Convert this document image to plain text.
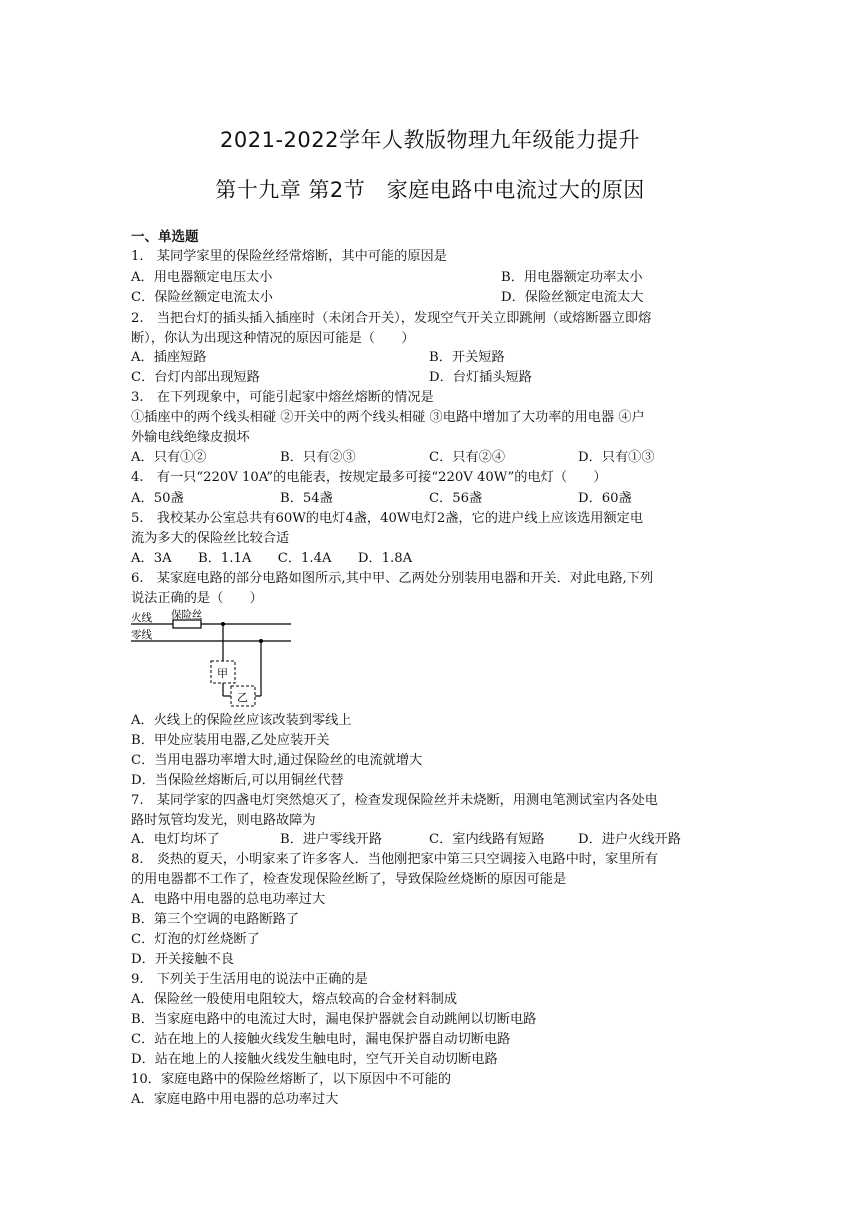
2021-2022学年人教版物理九年级能力提升
第十九章 第2节　家庭电路中电流过大的原因
一、单选题
1.　某同学家里的保险丝经常熔断，其中可能的原因是
A．用电器额定电压太小	B．用电器额定功率太小
C．保险丝额定电流太小	D．保险丝额定电流太大
2.　当把台灯的插头插入插座时（未闭合开关），发现空气开关立即跳闸（或熔断器立即熔
断），你认为出现这种情况的原因可能是（　　）
A．插座短路	B．开关短路
C．台灯内部出现短路	D．台灯插头短路
3.　在下列现象中，可能引起家中熔丝熔断的情况是
①插座中的两个线头相碰 ②开关中的两个线头相碰 ③电路中增加了大功率的用电器 ④户
外输电线绝缘皮损坏
A．只有①②	B．只有②③	C．只有②④	D．只有①③
4.　有一只“220V 10A”的电能表，按规定最多可接“220V 40W”的电灯（　　）
A．50盏	B．54盏	C．56盏	D．60盏
5.　我校某办公室总共有60W的电灯4盏，40W电灯2盏，它的进户线上应该选用额定电
流为多大的保险丝比较合适
A．3A　　B．1.1A　　C．1.4A　　D．1.8A
6.　某家庭电路的部分电路如图所示,其中甲、乙两处分别装用电器和开关．对此电路,下列
说法正确的是（　　）
火线
零线
保险丝
甲
乙
A．火线上的保险丝应该改装到零线上
B．甲处应装用电器,乙处应装开关
C．当用电器功率增大时,通过保险丝的电流就增大
D．当保险丝熔断后,可以用铜丝代替
7.　某同学家的四盏电灯突然熄灭了，检查发现保险丝并未烧断，用测电笔测试室内各处电
路时氖管均发光，则电路故障为
A．电灯均坏了	B．进户零线开路	C．室内线路有短路	D．进户火线开路
8.　炎热的夏天，小明家来了许多客人．当他刚把家中第三只空调接入电路中时，家里所有
的用电器都不工作了，检查发现保险丝断了，导致保险丝烧断的原因可能是
A．电路中用电器的总电功率过大
B．第三个空调的电路断路了
C．灯泡的灯丝烧断了
D．开关接触不良
9.　下列关于生活用电的说法中正确的是
A．保险丝一般使用电阻较大，熔点较高的合金材料制成
B．当家庭电路中的电流过大时，漏电保护器就会自动跳闸以切断电路
C．站在地上的人接触火线发生触电时，漏电保护器自动切断电路
D．站在地上的人接触火线发生触电时，空气开关自动切断电路
10．家庭电路中的保险丝熔断了，以下原因中不可能的
A．家庭电路中用电器的总功率过大
